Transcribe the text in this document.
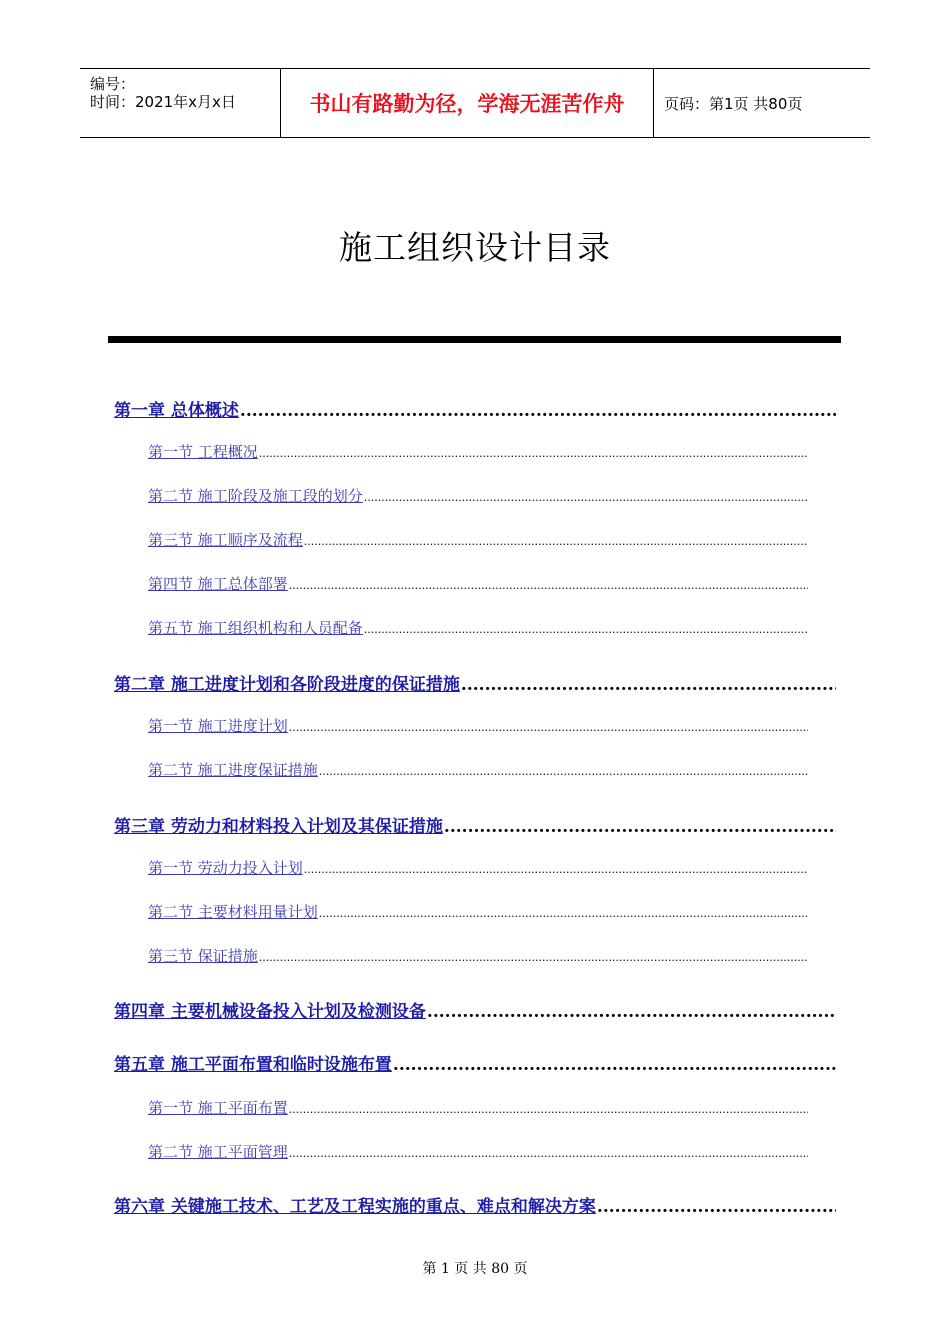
编号：
时间：2021年x月x日	书山有路勤为径，学海无涯苦作舟	页码：第1页 共80页
施工组织设计目录
第一章 总体概述
.....
第一节 工程概况
.....
第二节 施工阶段及施工段的划分
.....
第三节 施工顺序及流程
.....
第四节 施工总体部署
.....
第五节 施工组织机构和人员配备
.....
第二章 施工进度计划和各阶段进度的保证措施
.....
第一节 施工进度计划
.....
第二节 施工进度保证措施
.....
第三章 劳动力和材料投入计划及其保证措施
.....
第一节 劳动力投入计划
.....
第二节 主要材料用量计划
.....
第三节 保证措施
.....
第四章 主要机械设备投入计划及检测设备
.....
第五章 施工平面布置和临时设施布置
.....
第一节 施工平面布置
.....
第二节 施工平面管理
.....
第六章 关键施工技术、工艺及工程实施的重点、难点和解决方案
.....
第 1 页 共 80 页
